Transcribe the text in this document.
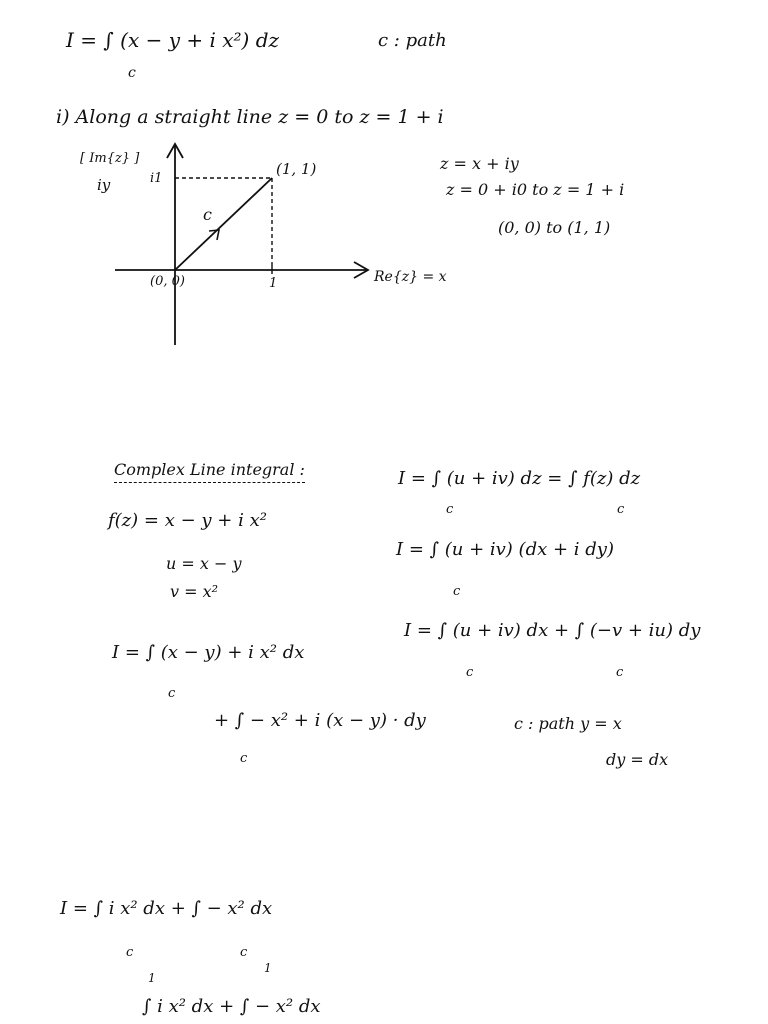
I = ∫ (x − y + i x²) dz
c
c : path
i) Along a straight line z = 0 to z = 1 + i
[ Im{z} ]
iy	i1
(1, 1)
c
(0, 0)	1	Re{z} = x
z = x + iy
z = 0 + i0 to z = 1 + i
(0, 0) to (1, 1)
Complex Line integral :
f(z) = x − y + i x²
u = x − y
v = x²
I = ∫ (u + iv) dz = ∫ f(z) dz
c	c
I = ∫ (u + iv) (dx + i dy)
c
I = ∫ (u + iv) dx + ∫ (−v + iu) dy
c	c
I = ∫ (x − y) + i x² dx
c
+ ∫ − x² + i (x − y) · dy
c
c : path y = x
dy = dx
I = ∫ i x² dx + ∫ − x² dx
c	c
1
1
∫ i x² dx + ∫ − x² dx
